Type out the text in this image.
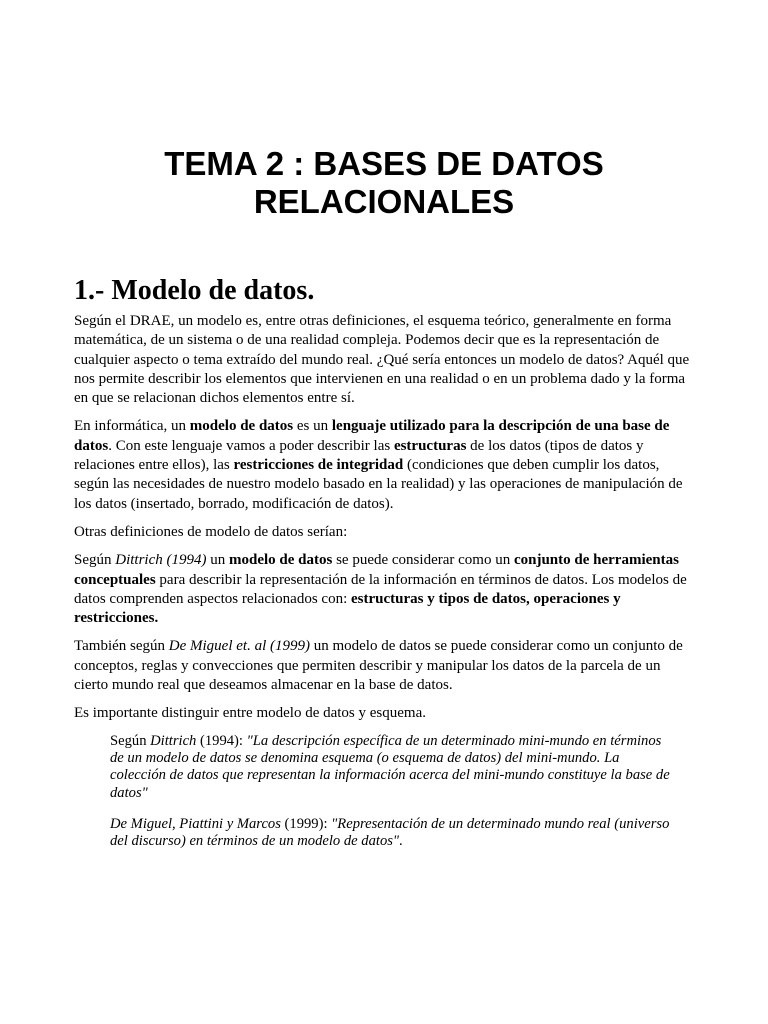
TEMA 2 : BASES DE DATOS
RELACIONALES
1.- Modelo de datos.

Según el DRAE, un modelo es, entre otras definiciones, el esquema teórico, generalmente en forma matemática, de un sistema o de una realidad compleja. Podemos decir que es la representación de cualquier aspecto o tema extraído del mundo real. ¿Qué sería entonces un modelo de datos? Aquél que nos permite describir los elementos que intervienen en una realidad o en un problema dado y la forma en que se relacionan dichos elementos entre sí.

En informática, un modelo de datos es un lenguaje utilizado para la descripción de una base de datos. Con este lenguaje vamos a poder describir las estructuras de los datos (tipos de datos y relaciones entre ellos), las restricciones de integridad (condiciones que deben cumplir los datos, según las necesidades de nuestro modelo basado en la realidad) y las operaciones de manipulación de los datos (insertado, borrado, modificación de datos).

Otras definiciones de modelo de datos serían:

Según Dittrich (1994) un modelo de datos se puede considerar como un conjunto de herramientas conceptuales para describir la representación de la información en términos de datos. Los modelos de datos comprenden aspectos relacionados con: estructuras y tipos de datos, operaciones y restricciones.

También según De Miguel et. al (1999) un modelo de datos se puede considerar como un conjunto de conceptos, reglas y convecciones que permiten describir y manipular los datos de la parcela de un cierto mundo real que deseamos almacenar en la base de datos.

Es importante distinguir entre modelo de datos y esquema.

Según Dittrich (1994): "La descripción específica de un determinado mini-mundo en términos de un modelo de datos se denomina esquema (o esquema de datos) del mini-mundo. La colección de datos que representan la información acerca del mini-mundo constituye la base de datos"

De Miguel, Piattini y Marcos (1999): "Representación de un determinado mundo real (universo del discurso) en términos de un modelo de datos".
